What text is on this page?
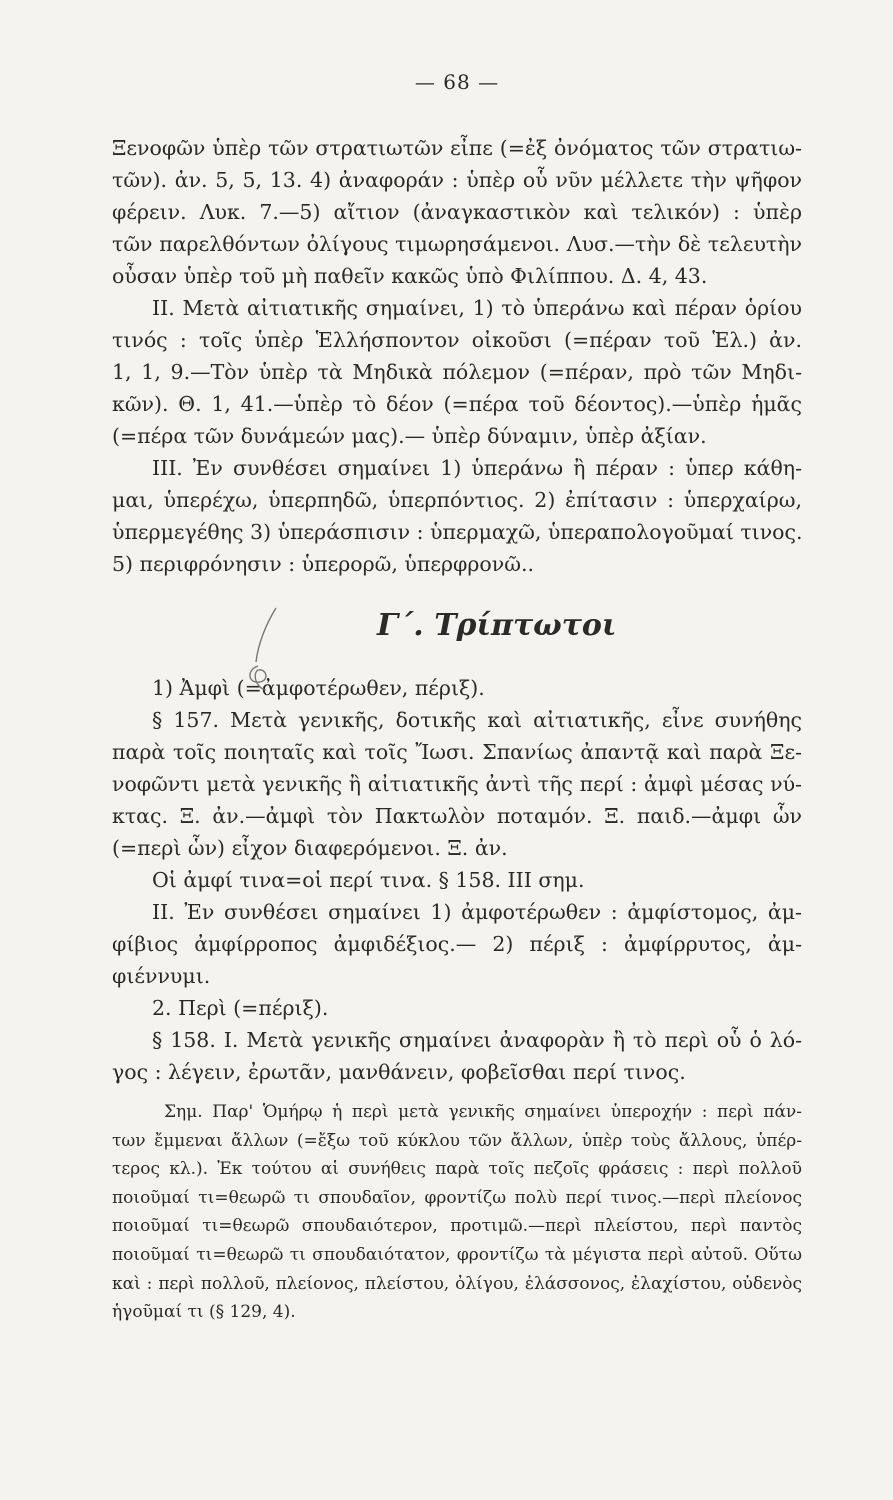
— 68 —
Ξενοφῶν ὑπὲρ τῶν στρατιωτῶν εἶπε (=ἐξ ὀνόματος τῶν στρατιω-
τῶν). ἀν. 5, 5, 13. 4) ἀναφοράν : ὑπὲρ οὗ νῦν μέλλετε τὴν ψῆφον
φέρειν. Λυκ. 7.—5) αἴτιον (ἀναγκαστικὸν καὶ τελικόν) : ὑπὲρ
τῶν παρελθόντων ὀλίγους τιμωρησάμενοι. Λυσ.—τὴν δὲ τελευτὴν
οὖσαν ὑπὲρ τοῦ μὴ παθεῖν κακῶς ὑπὸ Φιλίππου. Δ. 4, 43.
II. Μετὰ αἰτιατικῆς σημαίνει, 1) τὸ ὑπεράνω καὶ πέραν ὁρίου
τινός : τοῖς ὑπὲρ Ἑλλήσποντον οἰκοῦσι (=πέραν τοῦ Ἑλ.) ἀν.
1, 1, 9.—Τὸν ὑπὲρ τὰ Μηδικὰ πόλεμον (=πέραν, πρὸ τῶν Μηδι-
κῶν). Θ. 1, 41.—ὑπὲρ τὸ δέον (=πέρα τοῦ δέοντος).—ὑπὲρ ἡμᾶς
(=πέρα τῶν δυνάμεών μας).— ὑπὲρ δύναμιν, ὑπὲρ ἀξίαν.
III. Ἐν συνθέσει σημαίνει 1) ὑπεράνω ἢ πέραν : ὑπερ κάθη-
μαι, ὑπερέχω, ὑπερπηδῶ, ὑπερπόντιος. 2) ἐπίτασιν : ὑπερχαίρω,
ὑπερμεγέθης 3) ὑπεράσπισιν : ὑπερμαχῶ, ὑπεραπολογοῦμαί τινος.
5) περιφρόνησιν : ὑπερορῶ, ὑπερφρονῶ..
Γ΄. Τρίπτωτοι
1) Ἀμφὶ (=ἀμφοτέρωθεν, πέριξ).
§ 157. Μετὰ γενικῆς, δοτικῆς καὶ αἰτιατικῆς, εἶνε συνήθης
παρὰ τοῖς ποιηταῖς καὶ τοῖς Ἴωσι. Σπανίως ἀπαντᾷ καὶ παρὰ Ξε-
νοφῶντι μετὰ γενικῆς ἢ αἰτιατικῆς ἀντὶ τῆς περί : ἀμφὶ μέσας νύ-
κτας. Ξ. ἀν.—ἀμφὶ τὸν Πακτωλὸν ποταμόν. Ξ. παιδ.—ἀμφι ὧν
(=περὶ ὧν) εἶχον διαφερόμενοι. Ξ. ἀν.
Οἱ ἀμφί τινα=οἱ περί τινα. § 158. III σημ.
II. Ἐν συνθέσει σημαίνει 1) ἀμφοτέρωθεν : ἀμφίστομος, ἀμ-
φίβιος ἀμφίρροπος ἀμφιδέξιος.— 2) πέριξ : ἀμφίρρυτος, ἀμ-
φιέννυμι.
2. Περὶ (=πέριξ).
§ 158. I. Μετὰ γενικῆς σημαίνει ἀναφορὰν ἢ τὸ περὶ οὗ ὁ λό-
γος : λέγειν, ἐρωτᾶν, μανθάνειν, φοβεῖσθαι περί τινος.
Σημ. Παρ' Ὁμήρῳ ἡ περὶ μετὰ γενικῆς σημαίνει ὑπεροχήν : περὶ πάν-
των ἔμμεναι ἄλλων (=ἔξω τοῦ κύκλου τῶν ἄλλων, ὑπὲρ τοὺς ἄλλους, ὑπέρ-
τερος κλ.). Ἐκ τούτου αἱ συνήθεις παρὰ τοῖς πεζοῖς φράσεις : περὶ πολλοῦ
ποιοῦμαί τι=θεωρῶ τι σπουδαῖον, φροντίζω πολὺ περί τινος.—περὶ πλείονος
ποιοῦμαί τι=θεωρῶ σπουδαιότερον, προτιμῶ.—περὶ πλείστου, περὶ παντὸς
ποιοῦμαί τι=θεωρῶ τι σπουδαιότατον, φροντίζω τὰ μέγιστα περὶ αὐτοῦ. Οὕτω
καὶ : περὶ πολλοῦ, πλείονος, πλείστου, ὀλίγου, ἐλάσσονος, ἐλαχίστου, οὐδενὸς
ἡγοῦμαί τι (§ 129, 4).
